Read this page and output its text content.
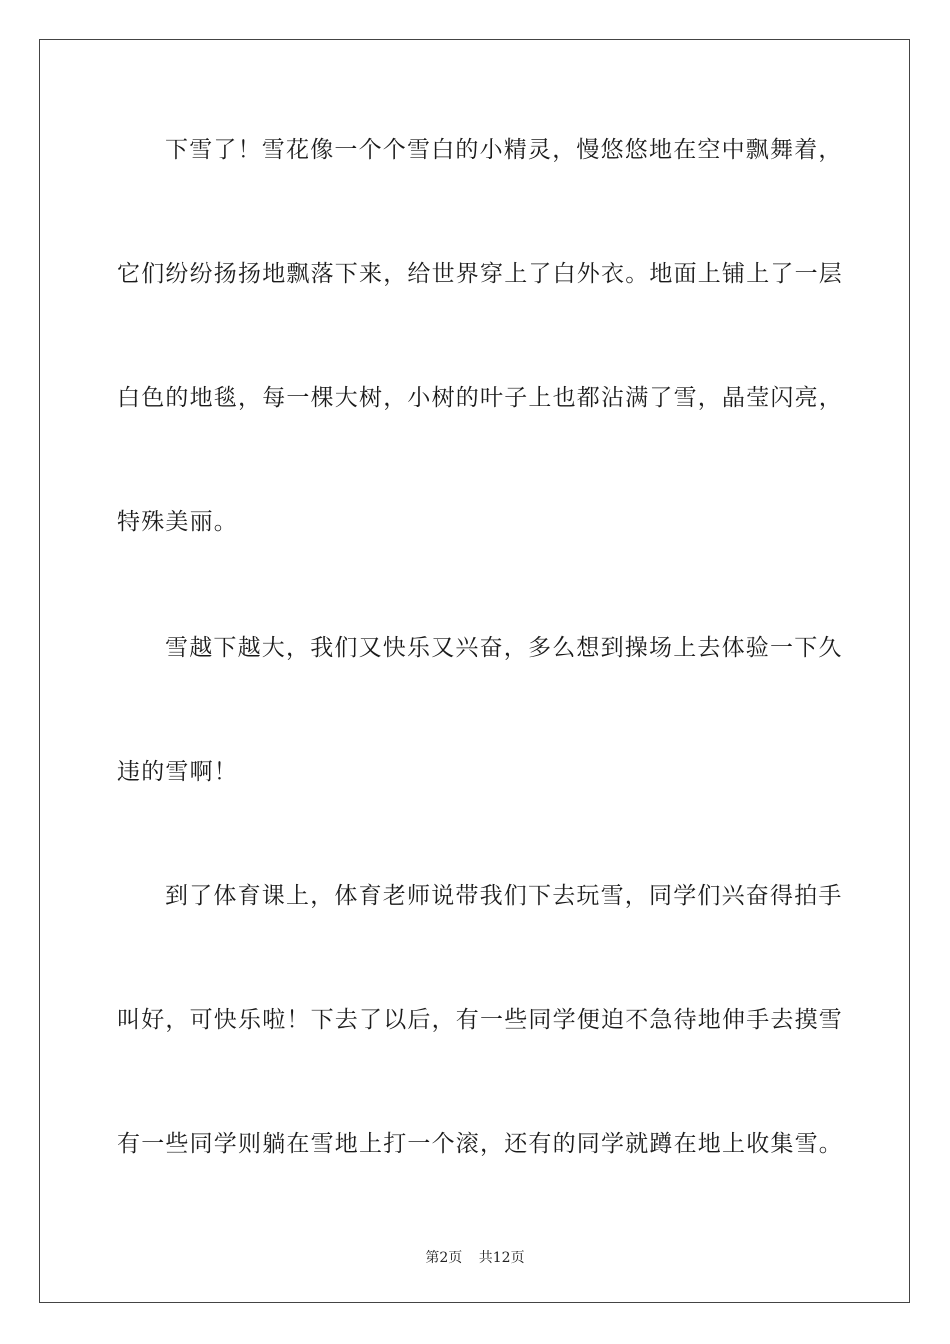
下雪了！雪花像一个个雪白的小精灵，慢悠悠地在空中飘舞着，
它们纷纷扬扬地飘落下来，给世界穿上了白外衣。地面上铺上了一层
白色的地毯，每一棵大树，小树的叶子上也都沾满了雪，晶莹闪亮，
特殊美丽。
雪越下越大，我们又快乐又兴奋，多么想到操场上去体验一下久
违的雪啊！
到了体育课上，体育老师说带我们下去玩雪，同学们兴奋得拍手
叫好，可快乐啦！下去了以后，有一些同学便迫不急待地伸手去摸雪
有一些同学则躺在雪地上打一个滚，还有的同学就蹲在地上收集雪。
第2页 共12页
